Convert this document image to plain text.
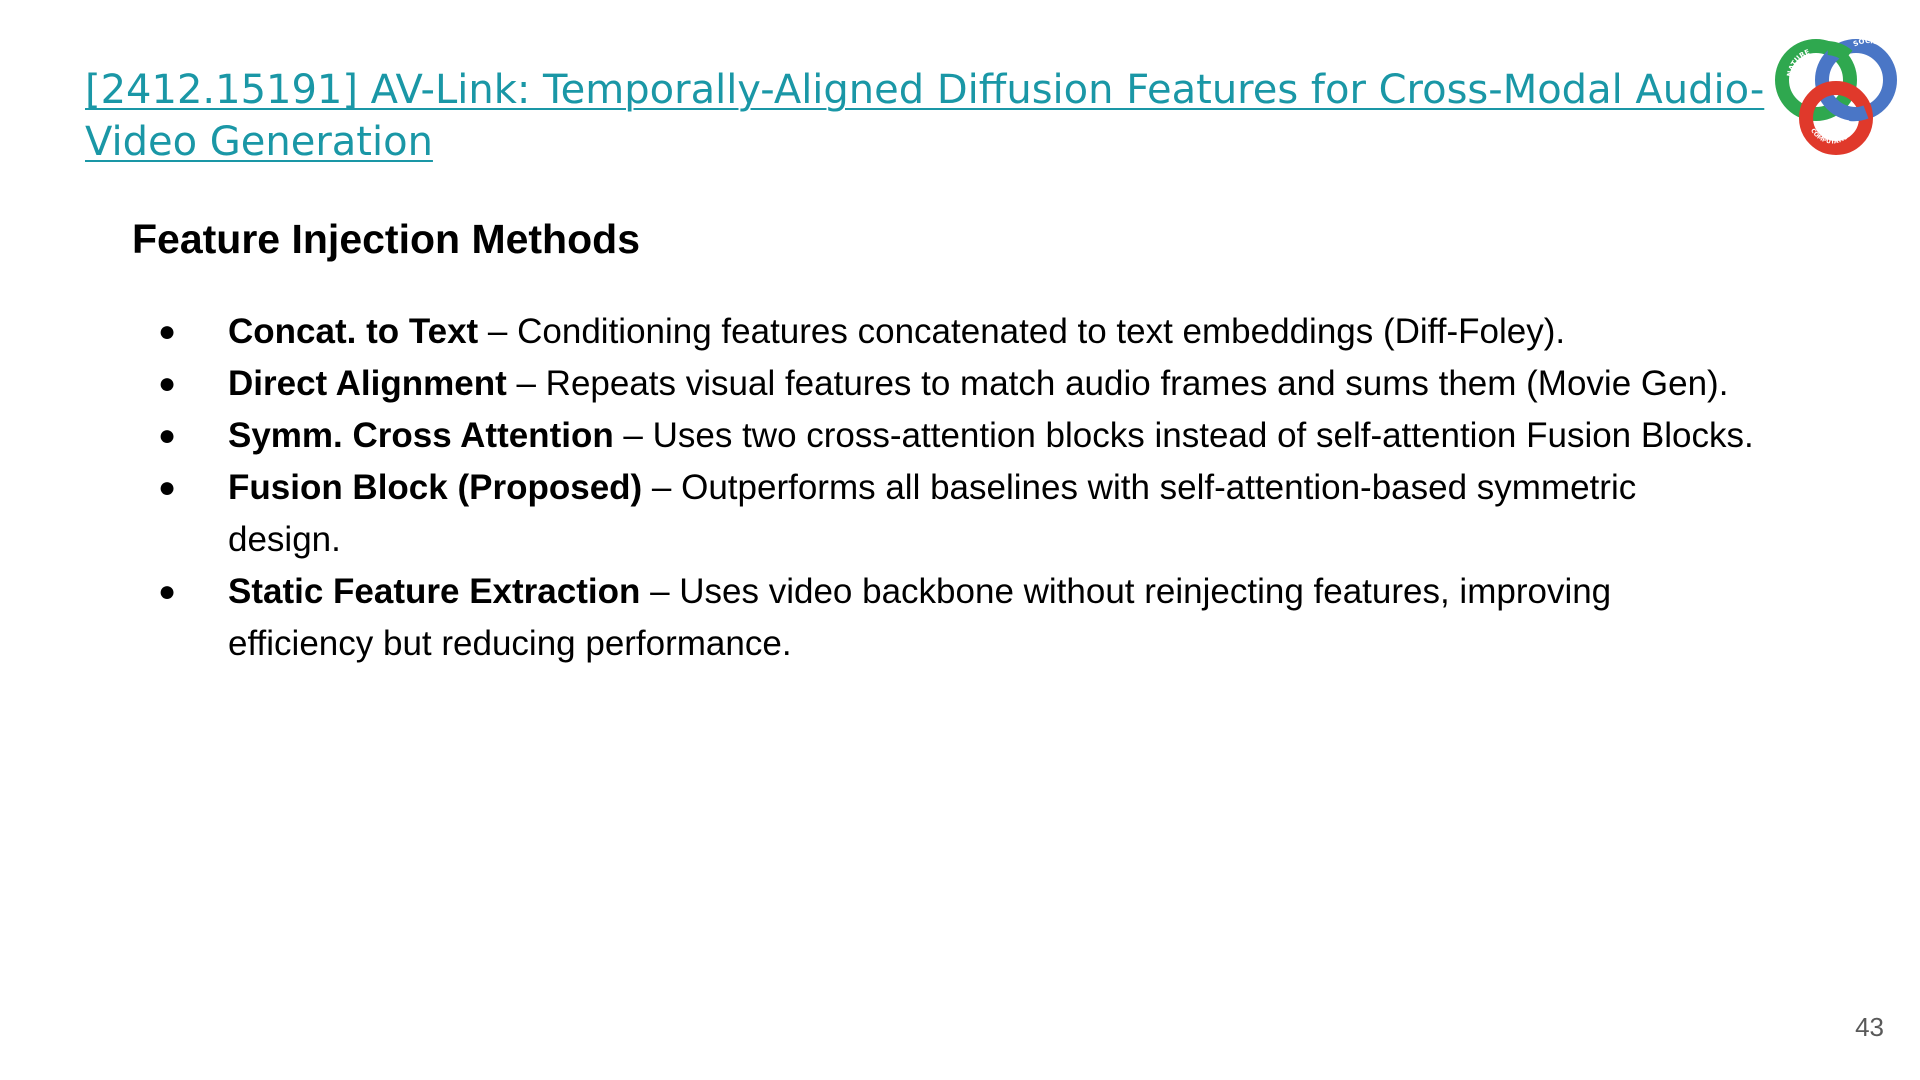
[2412.15191] AV-Link: Temporally-Aligned Diffusion Features for Cross-Modal Audio-Video Generation
NATURE
SOCIETY
COMPUTATION
Feature Injection Methods
● Concat. to Text – Conditioning features concatenated to text embeddings (Diff-Foley).
● Direct Alignment – Repeats visual features to match audio frames and sums them (Movie Gen).
● Symm. Cross Attention – Uses two cross-attention blocks instead of self-attention Fusion Blocks.
● Fusion Block (Proposed) – Outperforms all baselines with self-attention-based symmetric design.
● Static Feature Extraction – Uses video backbone without reinjecting features, improving efficiency but reducing performance.
43
